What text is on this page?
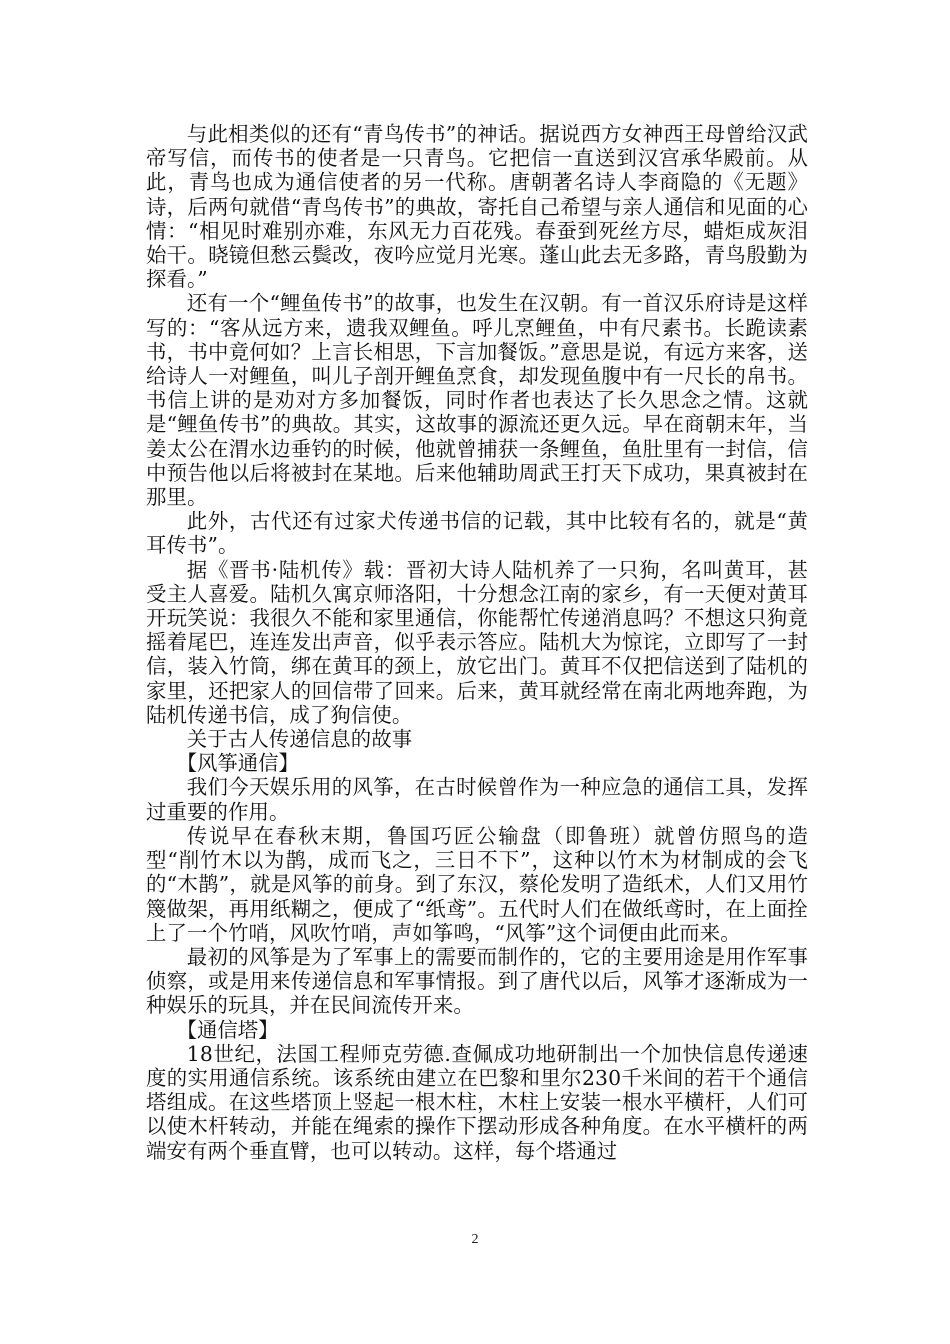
与此相类似的还有“青鸟传书”的神话。据说西方女神西王母曾给汉武帝写信，而传书的使者是一只青鸟。它把信一直送到汉宫承华殿前。从此，青鸟也成为通信使者的另一代称。唐朝著名诗人李商隐的《无题》诗，后两句就借“青鸟传书”的典故，寄托自己希望与亲人通信和见面的心情：“相见时难别亦难，东风无力百花残。春蚕到死丝方尽，蜡炬成灰泪始干。晓镜但愁云鬓改，夜吟应觉月光寒。蓬山此去无多路，青鸟殷勤为探看。”

还有一个“鲤鱼传书”的故事，也发生在汉朝。有一首汉乐府诗是这样写的：“客从远方来，遗我双鲤鱼。呼儿烹鲤鱼，中有尺素书。长跪读素书，书中竟何如？上言长相思，下言加餐饭。”意思是说，有远方来客，送给诗人一对鲤鱼，叫儿子剖开鲤鱼烹食，却发现鱼腹中有一尺长的帛书。书信上讲的是劝对方多加餐饭，同时作者也表达了长久思念之情。这就是“鲤鱼传书”的典故。其实，这故事的源流还更久远。早在商朝末年，当姜太公在渭水边垂钓的时候，他就曾捕获一条鲤鱼，鱼肚里有一封信，信中预告他以后将被封在某地。后来他辅助周武王打天下成功，果真被封在那里。

此外，古代还有过家犬传递书信的记载，其中比较有名的，就是“黄耳传书”。

据《晋书·陆机传》载：晋初大诗人陆机养了一只狗，名叫黄耳，甚受主人喜爱。陆机久寓京师洛阳，十分想念江南的家乡，有一天便对黄耳开玩笑说：我很久不能和家里通信，你能帮忙传递消息吗？不想这只狗竟摇着尾巴，连连发出声音，似乎表示答应。陆机大为惊诧，立即写了一封信，装入竹筒，绑在黄耳的颈上，放它出门。黄耳不仅把信送到了陆机的家里，还把家人的回信带了回来。后来，黄耳就经常在南北两地奔跑，为陆机传递书信，成了狗信使。

关于古人传递信息的故事

【风筝通信】

我们今天娱乐用的风筝，在古时候曾作为一种应急的通信工具，发挥过重要的作用。

传说早在春秋末期，鲁国巧匠公输盘（即鲁班）就曾仿照鸟的造型“削竹木以为鹊，成而飞之，三日不下”，这种以竹木为材制成的会飞的“木鹊”，就是风筝的前身。到了东汉，蔡伦发明了造纸术，人们又用竹篾做架，再用纸糊之，便成了“纸鸢”。五代时人们在做纸鸢时，在上面拴上了一个竹哨，风吹竹哨，声如筝鸣，“风筝”这个词便由此而来。

最初的风筝是为了军事上的需要而制作的，它的主要用途是用作军事侦察，或是用来传递信息和军事情报。到了唐代以后，风筝才逐渐成为一种娱乐的玩具，并在民间流传开来。

【通信塔】

18世纪，法国工程师克劳德.查佩成功地研制出一个加快信息传递速度的实用通信系统。该系统由建立在巴黎和里尔230千米间的若干个通信塔组成。在这些塔顶上竖起一根木柱，木柱上安装一根水平横杆，人们可以使木杆转动，并能在绳索的操作下摆动形成各种角度。在水平横杆的两端安有两个垂直臂，也可以转动。这样，每个塔通过

2
